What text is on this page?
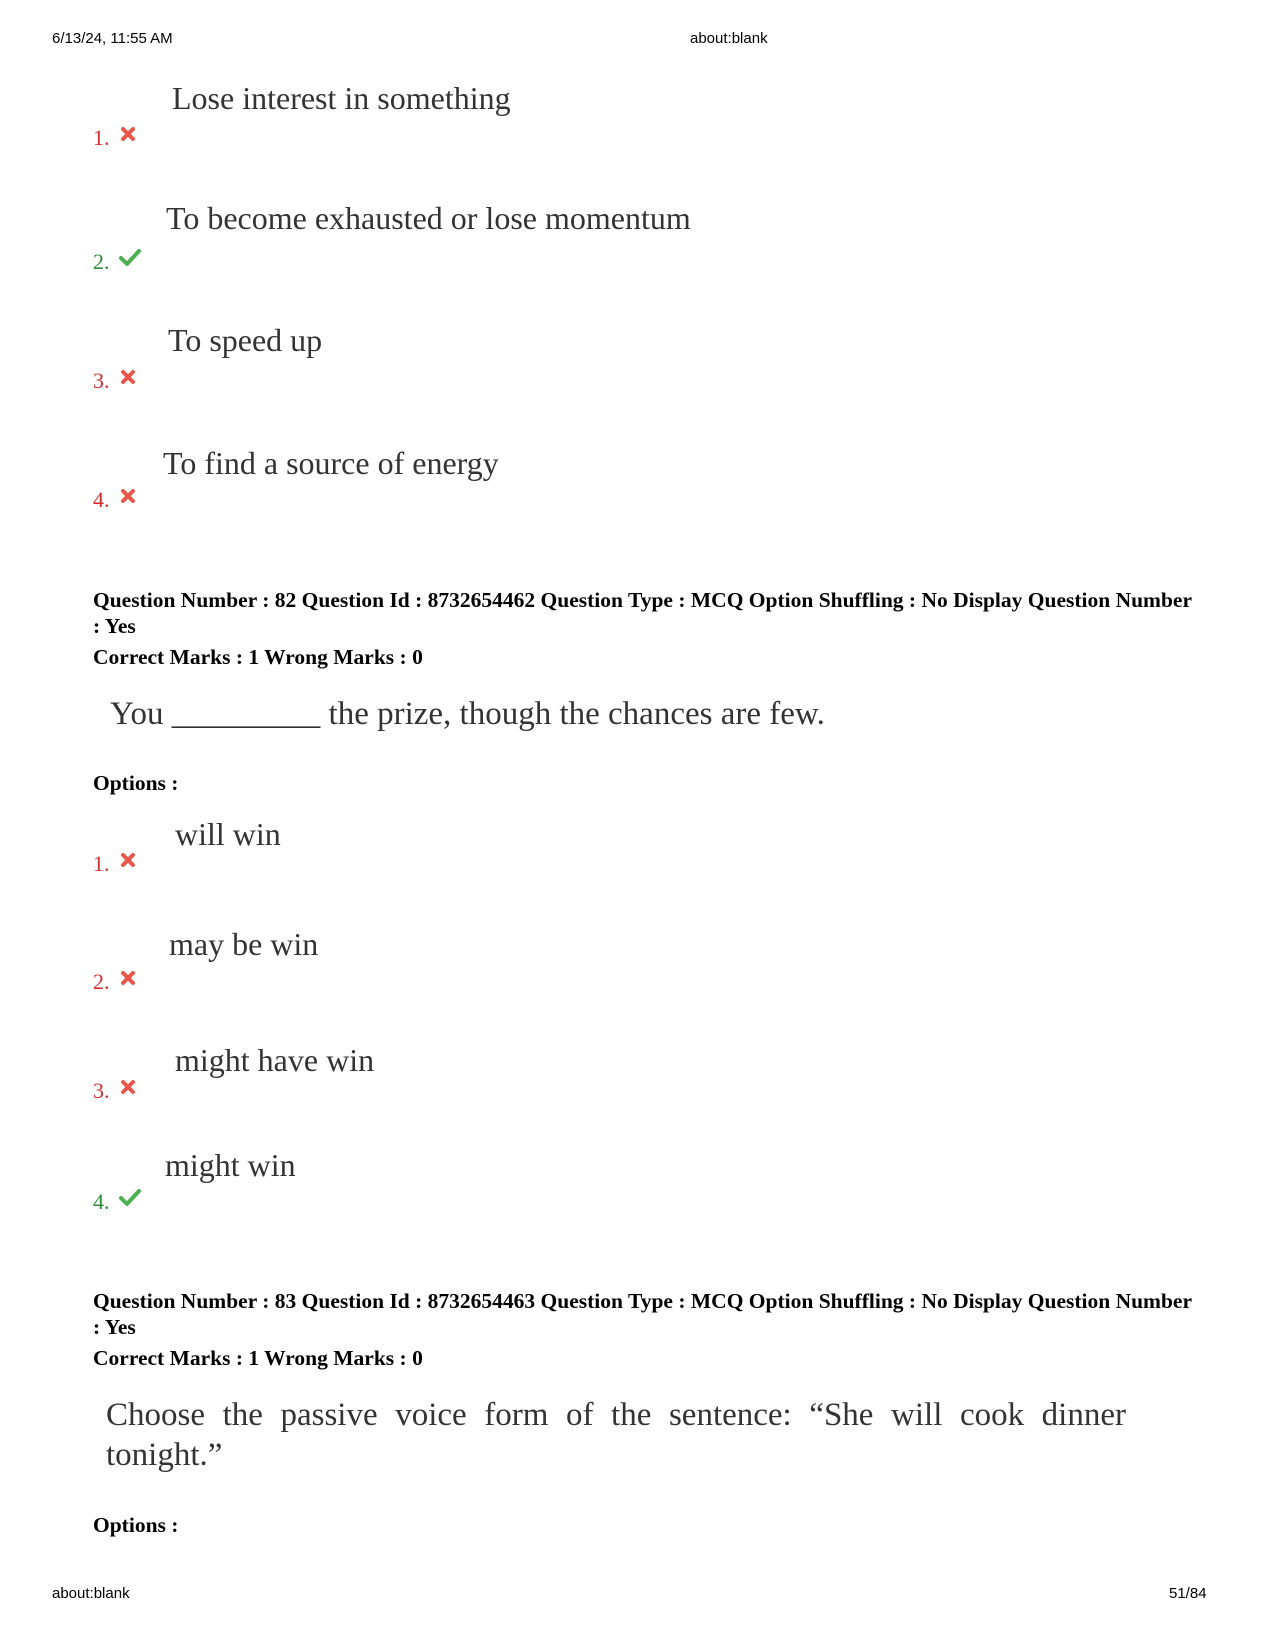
6/13/24, 11:55 AM	about:blank
1.
Lose interest in something
2.
To become exhausted or lose momentum
3.
To speed up
4.
To find a source of energy
Question Number : 82 Question Id : 8732654462 Question Type : MCQ Option Shuffling : No Display Question Number : Yes
Correct Marks : 1 Wrong Marks : 0
You _________ the prize, though the chances are few.
Options :
1.
will win
2.
may be win
3.
might have win
4.
might win
Question Number : 83 Question Id : 8732654463 Question Type : MCQ Option Shuffling : No Display Question Number : Yes
Correct Marks : 1 Wrong Marks : 0
Choose the passive voice form of the sentence: “She will cook dinner tonight.”
Options :
about:blank	51/84
